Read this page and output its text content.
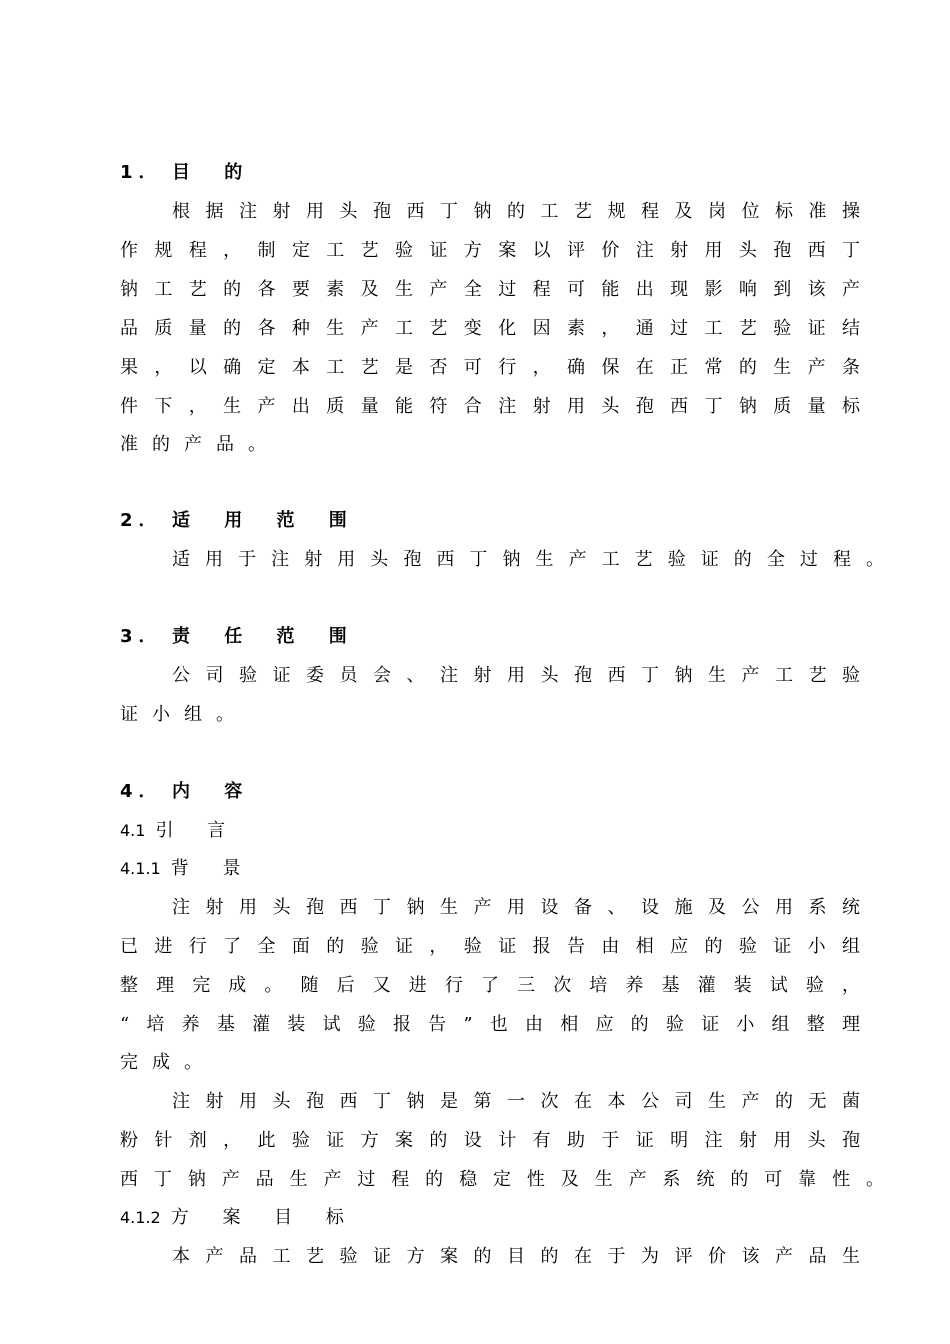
1． 目 的
根据注射用头孢西丁钠的工艺规程及岗位标准操
作规程，制定工艺验证方案以评价注射用头孢西丁
钠工艺的各要素及生产全过程可能出现影响到该产
品质量的各种生产工艺变化因素，通过工艺验证结
果，以确定本工艺是否可行，确保在正常的生产条
件下，生产出质量能符合注射用头孢西丁钠质量标
准的产品。
2． 适 用 范 围
适用于注射用头孢西丁钠生产工艺验证的全过程。
3． 责 任 范 围
公司验证委员会、注射用头孢西丁钠生产工艺验
证小组。
4． 内 容
4.1 引 言
4.1.1 背 景
注射用头孢西丁钠生产用设备、设施及公用系统
已进行了全面的验证，验证报告由相应的验证小组
整理完成。随后又进行了三次培养基灌装试验，
“培养基灌装试验报告”也由相应的验证小组整理
完成。
注射用头孢西丁钠是第一次在本公司生产的无菌
粉针剂，此验证方案的设计有助于证明注射用头孢
西丁钠产品生产过程的稳定性及生产系统的可靠性。
4.1.2 方 案 目 标
本产品工艺验证方案的目的在于为评价该产品生
